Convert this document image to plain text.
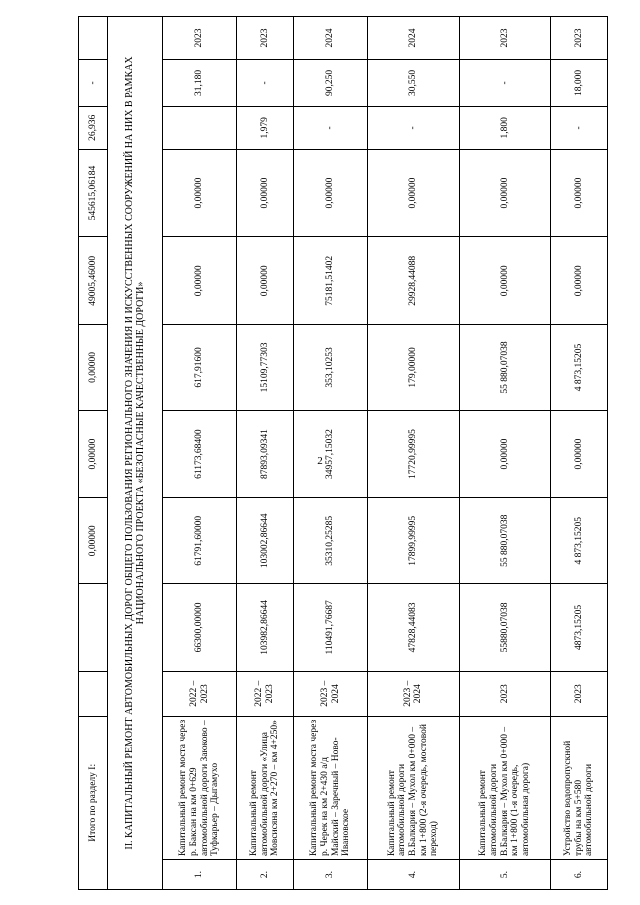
2
Итого по разделу I:				0,00000	0,00000	0,00000	49005,46000	545615,06184	26,936	-	
II. КАПИТАЛЬНЫЙ РЕМОНТ АВТОМОБИЛЬНЫХ ДОРОГ ОБЩЕГО ПОЛЬЗОВАНИЯ РЕГИОНАЛЬНОГО ЗНАЧЕНИЯ И ИСКУССТВЕННЫХ СООРУЖЕНИЙ НА НИХ В РАМКАХ НАЦИОНАЛЬНОГО ПРОЕКТА «БЕЗОПАСНЫЕ КАЧЕСТВЕННЫЕ ДОРОГИ»											
1.	Капитальный ремонт моста через р. Баксан на км 0+629 автомобильной дороги Заюково – Туфкарьер – Дыгамухо	2022 – 2023	66300,00000	61791,60000	61173,68400	617,91600	0,00000	0,00000		31,180	2023
2.	Капитальный ремонт автомобильной дороги «Улица Мовсисяна км 2+270 – км 4+250»	2022 – 2023	103982,86644	103002,86644	87893,09341	15109,77303	0,00000	0,00000	1,979	-	2023
3.	Капитальный ремонт моста через р. Черек на км 2+430 а/д Майский – Заречный – Ново-Ивановское	2023 – 2024	110491,76687	35310,25285	34957,15032	353,10253	75181,51402	0,00000	-	90,250	2024
4.	Капитальный ремонт автомобильной дороги В.Балкария – Мухол км 0+000 – км 1+800 (2-я очередь, мостовой переход)	2023 – 2024	47828,44083	17899,99995	17720,99995	179,00000	29928,44088	0,00000	-	30,550	2024
5.	Капитальный ремонт автомобильной дороги В.Балкария – Мухол км 0+000 – км 1+800 (1-я очередь, автомобильная дорога)	2023	55880,07038	55 880,07038	0,00000	55 880,07038	0,00000	0,00000	1,800	-	2023
6.	Устройство водопропускной трубы на км 5+580 автомобильной дороги	2023	4873,15205	4 873,15205	0,00000	4 873,15205	0,00000	0,00000	-	18,000	2023
